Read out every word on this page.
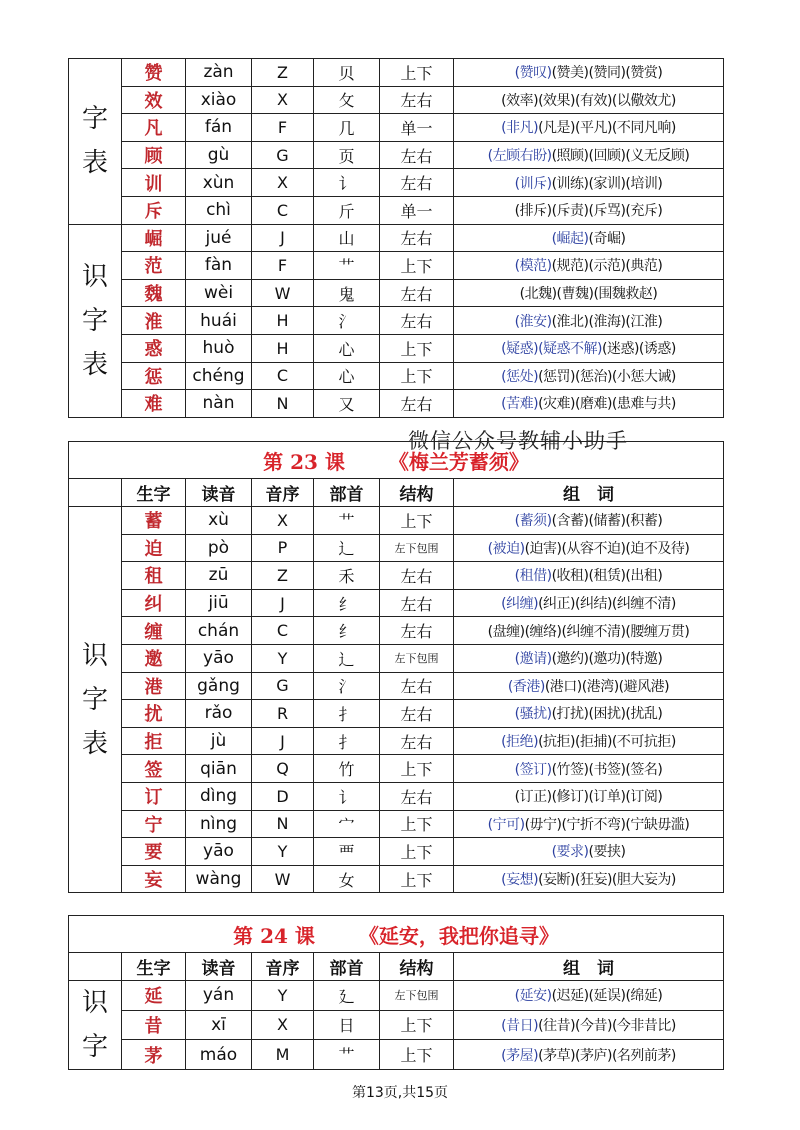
字
表	赞	zàn	Z	贝	上下	(赞叹)(赞美)(赞同)(赞赏)
	效	xiào	X	攵	左右	(效率)(效果)(有效)(以儆效尤)
	凡	fán	F	几	单一	(非凡)(凡是)(平凡)(不同凡响)
	顾	gù	G	页	左右	(左顾右盼)(照顾)(回顾)(义无反顾)
	训	xùn	X	讠	左右	(训斥)(训练)(家训)(培训)
	斥	chì	C	斤	单一	(排斥)(斥责)(斥骂)(充斥)

识
字
表	崛	jué	J	山	左右	(崛起)(奇崛)
	范	fàn	F	艹	上下	(模范)(规范)(示范)(典范)
	魏	wèi	W	鬼	左右	(北魏)(曹魏)(围魏救赵)
	淮	huái	H	氵	左右	(淮安)(淮北)(淮海)(江淮)
	惑	huò	H	心	上下	(疑惑)(疑惑不解)(迷惑)(诱惑)
	惩	chéng	C	心	上下	(惩处)(惩罚)(惩治)(小惩大诫)
	难	nàn	N	又	左右	(苦难)(灾难)(磨难)(患难与共)
微信公众号教辅小助手
第 23 课 《梅兰芳蓄须》						
	生字	读音	音序	部首	结构	组　词

识
字
表	蓄	xù	X	艹	上下	(蓄须)(含蓄)(储蓄)(积蓄)
	迫	pò	P	辶	左下包围	(被迫)(迫害)(从容不迫)(迫不及待)
	租	zū	Z	禾	左右	(租借)(收租)(租赁)(出租)
	纠	jiū	J	纟	左右	(纠缠)(纠正)(纠结)(纠缠不清)
	缠	chán	C	纟	左右	(盘缠)(缠络)(纠缠不清)(腰缠万贯)
	邀	yāo	Y	辶	左下包围	(邀请)(邀约)(邀功)(特邀)
	港	gǎng	G	氵	左右	(香港)(港口)(港湾)(避风港)
	扰	rǎo	R	扌	左右	(骚扰)(打扰)(困扰)(扰乱)
	拒	jù	J	扌	左右	(拒绝)(抗拒)(拒捕)(不可抗拒)
	签	qiān	Q	竹	上下	(签订)(竹签)(书签)(签名)
	订	dìng	D	讠	左右	(订正)(修订)(订单)(订阅)
	宁	nìng	N	宀	上下	(宁可)(毋宁)(宁折不弯)(宁缺毋滥)
	要	yāo	Y	覀	上下	(要求)(要挟)
	妄	wàng	W	女	上下	(妄想)(妄断)(狂妄)(胆大妄为)
第 24 课 《延安，我把你追寻》						
	生字	读音	音序	部首	结构	组　词

识
字	延	yán	Y	廴	左下包围	(延安)(迟延)(延误)(绵延)
	昔	xī	X	日	上下	(昔日)(往昔)(今昔)(今非昔比)
	茅	máo	M	艹	上下	(茅屋)(茅草)(茅庐)(名列前茅)
第13页,共15页
